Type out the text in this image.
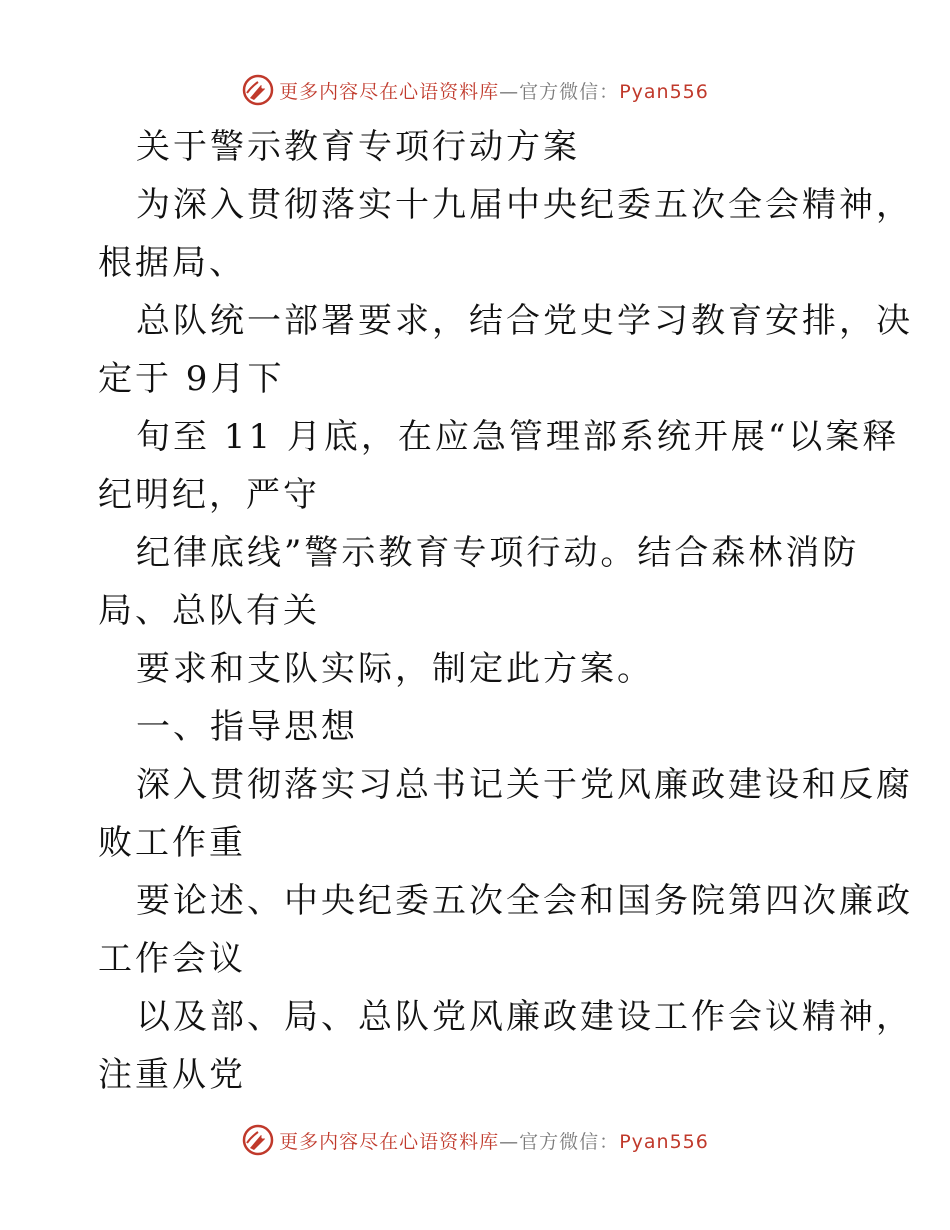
更多内容尽在心语资料库—官方微信：Pyan556
关于警示教育专项行动方案
为深入贯彻落实十九届中央纪委五次全会精神，
根据局、
总队统一部署要求，结合党史学习教育安排，决
定于 9月下
旬至 11 月底，在应急管理部系统开展“以案释
纪明纪，严守
纪律底线”警示教育专项行动。结合森林消防
局、总队有关
要求和支队实际，制定此方案。
一、指导思想
深入贯彻落实习总书记关于党风廉政建设和反腐
败工作重
要论述、中央纪委五次全会和国务院第四次廉政
工作会议
以及部、局、总队党风廉政建设工作会议精神，
注重从党
更多内容尽在心语资料库—官方微信：Pyan556
